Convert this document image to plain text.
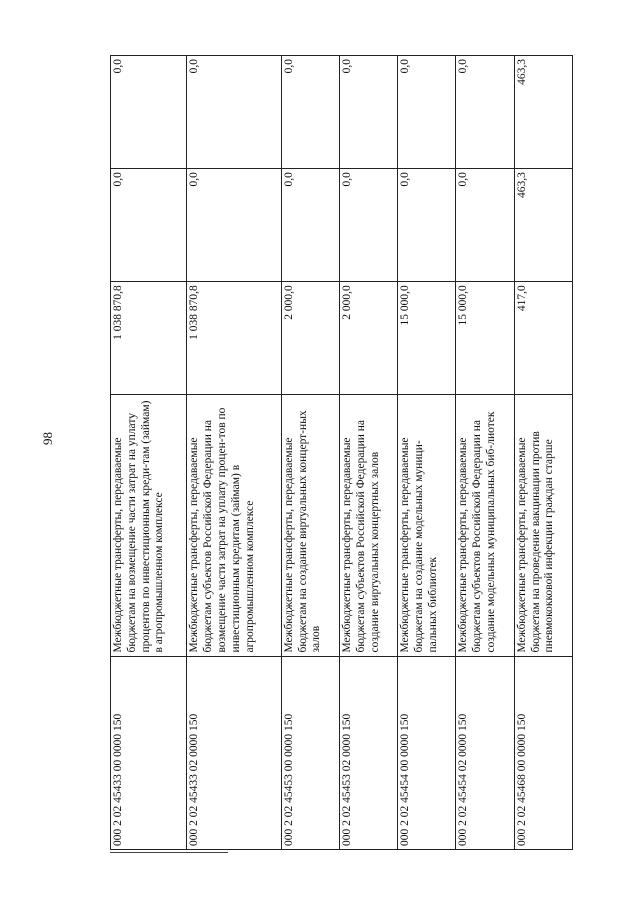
98
000 2 02 45433 00 0000 150	Межбюджетные трансферты, передаваемые бюджетам на возмещение части затрат на уплату процентов по инвестиционным креди-там (займам) в агропромышленном комплексе	1 038 870,8	0,0	0,0
000 2 02 45433 02 0000 150	Межбюджетные трансферты, передаваемые бюджетам субъектов Российской Федерации на возмещение части затрат на уплату процен-тов по инвестиционным кредитам (займам) в агропромышленном комплексе	1 038 870,8	0,0	0,0
000 2 02 45453 00 0000 150	Межбюджетные трансферты, передаваемые бюджетам на создание виртуальных концерт-ных залов	2 000,0	0,0	0,0
000 2 02 45453 02 0000 150	Межбюджетные трансферты, передаваемые бюджетам субъектов Российской Федерации на создание виртуальных концертных залов	2 000,0	0,0	0,0
000 2 02 45454 00 0000 150	Межбюджетные трансферты, передаваемые бюджетам на создание модельных муници-пальных библиотек	15 000,0	0,0	0,0
000 2 02 45454 02 0000 150	Межбюджетные трансферты, передаваемые бюджетам субъектов Российской Федерации на создание модельных муниципальных биб-лиотек	15 000,0	0,0	0,0
000 2 02 45468 00 0000 150	Межбюджетные трансферты, передаваемые бюджетам на проведение вакцинации против пневмококковой инфекции граждан старше	417,0	463,3	463,3
